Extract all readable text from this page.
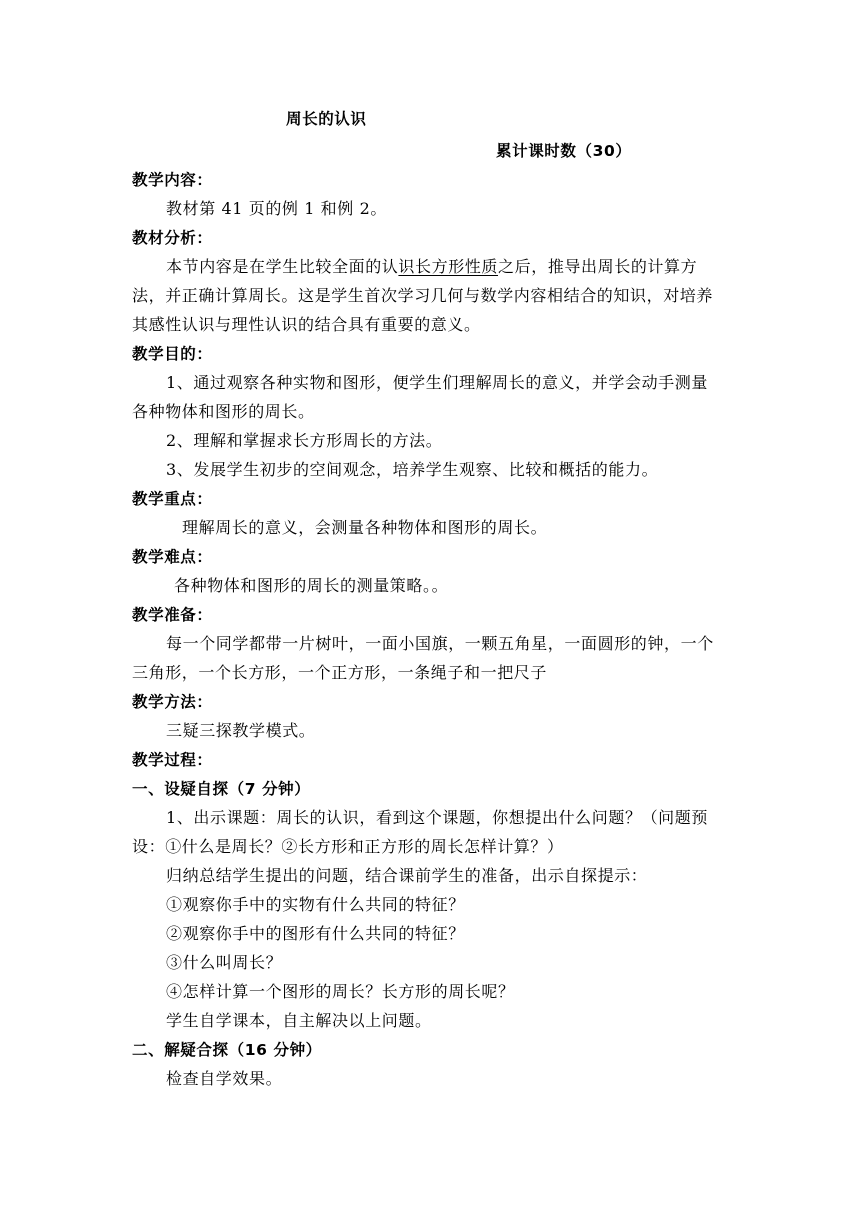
周长的认识
累计课时数（30）
教学内容：
教材第 41 页的例 1 和例 2。
教材分析：
本节内容是在学生比较全面的认识长方形性质之后，推导出周长的计算方
法，并正确计算周长。这是学生首次学习几何与数学内容相结合的知识，对培养
其感性认识与理性认识的结合具有重要的意义。
教学目的：
1、通过观察各种实物和图形，便学生们理解周长的意义，并学会动手测量
各种物体和图形的周长。
2、理解和掌握求长方形周长的方法。
3、发展学生初步的空间观念，培养学生观察、比较和概括的能力。
教学重点：
理解周长的意义，会测量各种物体和图形的周长。
教学难点：
各种物体和图形的周长的测量策略。。
教学准备：
每一个同学都带一片树叶，一面小国旗，一颗五角星，一面圆形的钟，一个
三角形，一个长方形，一个正方形，一条绳子和一把尺子
教学方法：
三疑三探教学模式。
教学过程：
一、设疑自探（7 分钟）
1、出示课题：周长的认识，看到这个课题，你想提出什么问题？（问题预
设：①什么是周长？②长方形和正方形的周长怎样计算？）
归纳总结学生提出的问题，结合课前学生的准备，出示自探提示：
①观察你手中的实物有什么共同的特征？
②观察你手中的图形有什么共同的特征？
③什么叫周长？
④怎样计算一个图形的周长？长方形的周长呢？
学生自学课本，自主解决以上问题。
二、解疑合探（16 分钟）
检查自学效果。
